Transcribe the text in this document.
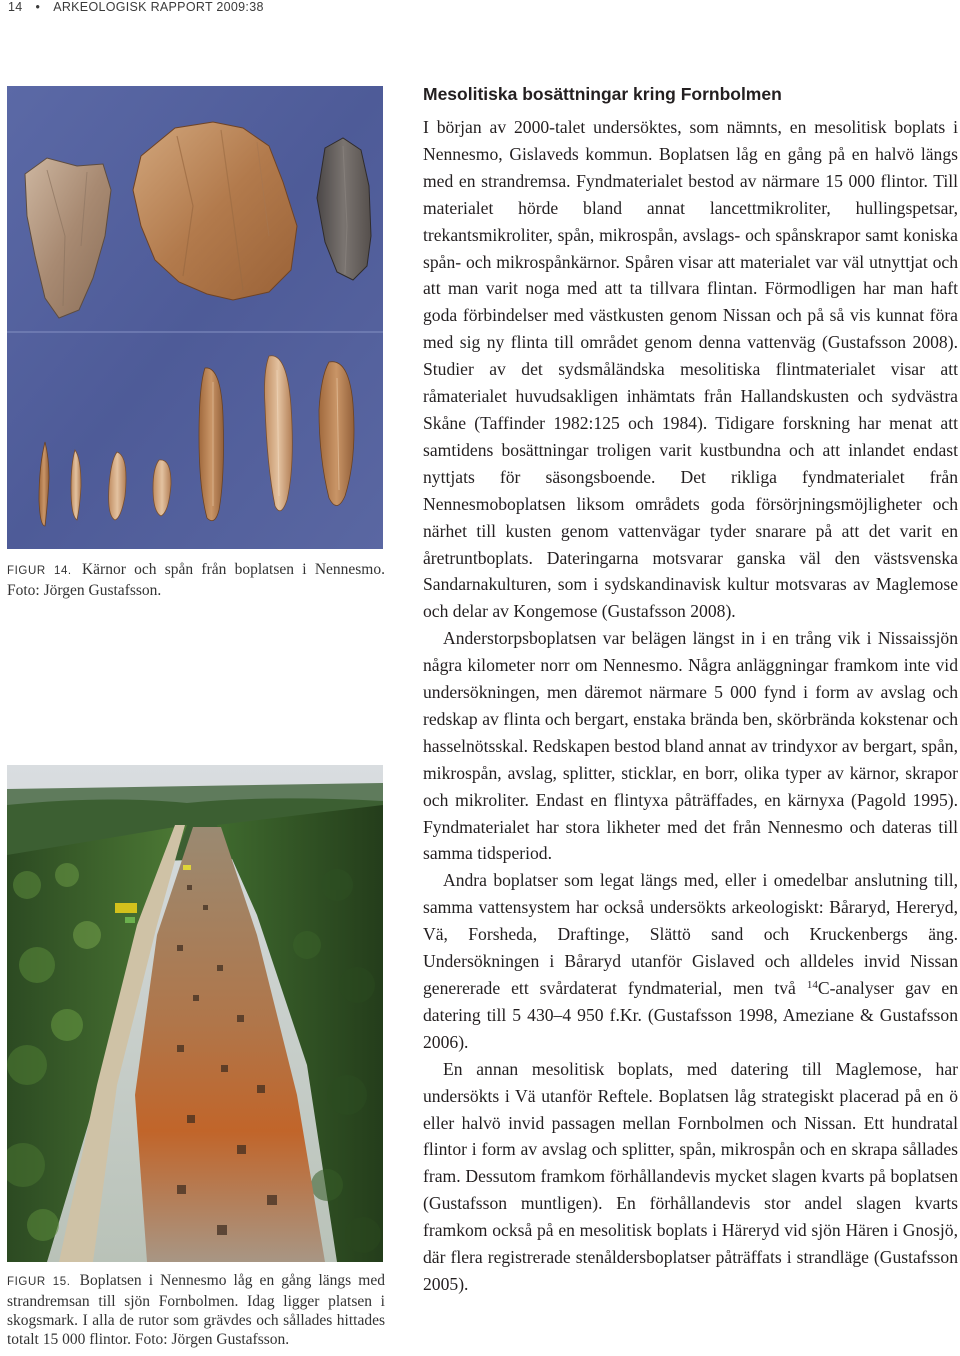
14 • ARKEOLOGISK RAPPORT 2009:38
FIGUR 14. Kärnor och spån från boplatsen i Nennesmo. Foto: Jörgen Gustafsson.
FIGUR 15. Boplatsen i Nennesmo låg en gång längs med strandremsan till sjön Fornbolmen. Idag ligger platsen i skogsmark. I alla de rutor som grävdes och sållades hittades totalt 15 000 flintor. Foto: Jörgen Gustafsson.
Mesolitiska bosättningar kring Fornbolmen

I början av 2000-talet undersöktes, som nämnts, en mesolitisk boplats i Nennesmo, Gislaveds kommun. Boplatsen låg en gång på en halvö längs med en strandremsa. Fyndmaterialet bestod av närmare 15 000 flintor. Till materialet hörde bland annat lancettmikroliter, hullingspetsar, trekantsmikroliter, spån, mikrospån, avslags- och spånskrapor samt koniska spån- och mikrospånkärnor. Spåren visar att materialet var väl utnyttjat och att man varit noga med att ta tillvara flintan. Förmodligen har man haft goda förbindelser med västkusten genom Nissan och på så vis kunnat föra med sig ny flinta till området genom denna vattenväg (Gustafsson 2008). Studier av det sydsmåländska mesolitiska flintmaterialet visar att råmaterialet huvudsakligen inhämtats från Hallandskusten och sydvästra Skåne (Taffinder 1982:125 och 1984). Tidigare forskning har menat att samtidens bosättningar troligen varit kustbundna och att inlandet endast nyttjats för säsongsboende. Det rikliga fyndmaterialet från Nennesmoboplatsen liksom områdets goda försörjningsmöjligheter och närhet till kusten genom vattenvägar tyder snarare på att det varit en åretruntboplats. Dateringarna motsvarar ganska väl den västsvenska Sandarnakulturen, som i sydskandinavisk kultur motsvaras av Maglemose och delar av Kongemose (Gustafsson 2008).

Anderstorpsboplatsen var belägen längst in i en trång vik i Nissaissjön några kilometer norr om Nennesmo. Några anläggningar framkom inte vid undersökningen, men däremot närmare 5 000 fynd i form av avslag och redskap av flinta och bergart, enstaka brända ben, skörbrända kokstenar och hasselnötsskal. Redskapen bestod bland annat av trindyxor av bergart, spån, mikrospån, avslag, splitter, sticklar, en borr, olika typer av kärnor, skrapor och mikroliter. Endast en flintyxa påträffades, en kärnyxa (Pagold 1995). Fyndmaterialet har stora likheter med det från Nennesmo och dateras till samma tidsperiod.

Andra boplatser som legat längs med, eller i omedelbar anslutning till, samma vattensystem har också undersökts arkeologiskt: Båraryd, Hereryd, Vä, Forsheda, Draftinge, Slättö sand och Kruckenbergs äng. Undersökningen i Båraryd utanför Gislaved och alldeles invid Nissan genererade ett svårdaterat fyndmaterial, men två $^{14}$C-analyser gav en datering till 5 430–4 950 f.Kr. (Gustafsson 1998, Ameziane & Gustafsson 2006).

En annan mesolitisk boplats, med datering till Maglemose, har undersökts i Vä utanför Reftele. Boplatsen låg strategiskt placerad på en ö eller halvö invid passagen mellan Fornbolmen och Nissan. Ett hundratal flintor i form av avslag och splitter, spån, mikrospån och en skrapa sållades fram. Dessutom framkom förhållandevis mycket slagen kvarts på boplatsen (Gustafsson muntligen). En förhållandevis stor andel slagen kvarts framkom också på en mesolitisk boplats i Häreryd vid sjön Hären i Gnosjö, där flera registrerade stenåldersboplatser påträffats i strandläge (Gustafsson 2005).
